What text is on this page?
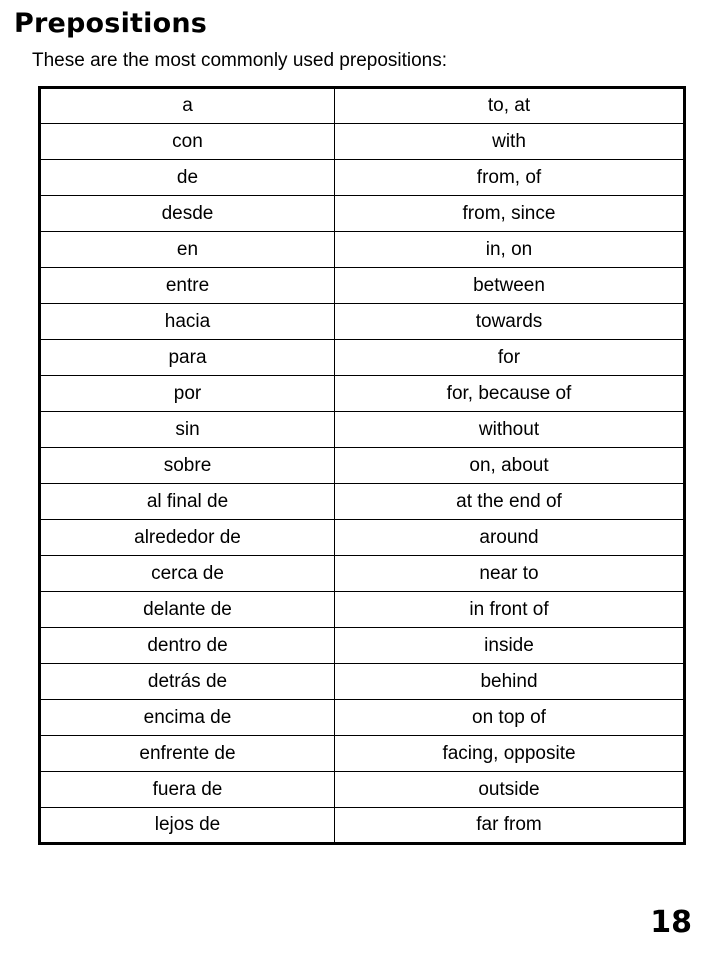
Prepositions

These are the most commonly used prepositions:

a	to, at
con	with
de	from, of
desde	from, since
en	in, on
entre	between
hacia	towards
para	for
por	for, because of
sin	without
sobre	on, about
al final de	at the end of
alrededor de	around
cerca de	near to
delante de	in front of
dentro de	inside
detrás de	behind
encima de	on top of
enfrente de	facing, opposite
fuera de	outside
lejos de	far from

18
